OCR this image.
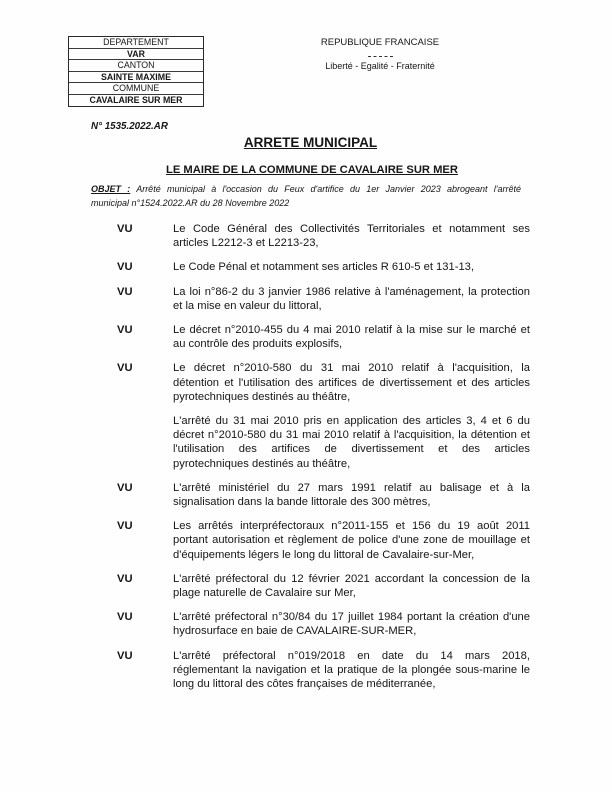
DEPARTEMENT
VAR
CANTON
SAINTE MAXIME
COMMUNE
CAVALAIRE SUR MER
REPUBLIQUE FRANCAISE
Liberté - Egalité - Fraternité
N° 1535.2022.AR
ARRETE MUNICIPAL
LE MAIRE DE LA COMMUNE DE CAVALAIRE SUR MER
OBJET : Arrêté municipal à l'occasion du Feux d'artifice du 1er Janvier 2023 abrogeant l'arrêté
municipal n°1524.2022.AR du 28 Novembre 2022
VU	Le Code Général des Collectivités Territoriales et notamment ses
articles L2212-3 et L2213-23,
VU	Le Code Pénal et notamment ses articles R 610-5 et 131-13,
VU	La loi n°86-2 du 3 janvier 1986 relative à l'aménagement, la protection
et la mise en valeur du littoral,
VU	Le décret n°2010-455 du 4 mai 2010 relatif à la mise sur le marché et
au contrôle des produits explosifs,
VU	Le décret n°2010-580 du 31 mai 2010 relatif à l'acquisition, la
détention et l'utilisation des artifices de divertissement et des articles
pyrotechniques destinés au théâtre,
L'arrêté du 31 mai 2010 pris en application des articles 3, 4 et 6 du
décret n°2010-580 du 31 mai 2010 relatif à l'acquisition, la détention et
l'utilisation des artifices de divertissement et des articles
pyrotechniques destinés au théâtre,
VU	L'arrêté ministériel du 27 mars 1991 relatif au balisage et à la
signalisation dans la bande littorale des 300 mètres,
VU	Les arrêtés interpréfectoraux n°2011-155 et 156 du 19 août 2011
portant autorisation et règlement de police d'une zone de mouillage et
d'équipements légers le long du littoral de Cavalaire-sur-Mer,
VU	L'arrêté préfectoral du 12 février 2021 accordant la concession de la
plage naturelle de Cavalaire sur Mer,
VU	L'arrêté préfectoral n°30/84 du 17 juillet 1984 portant la création d'une
hydrosurface en baie de CAVALAIRE-SUR-MER,
VU	L'arrêté préfectoral n°019/2018 en date du 14 mars 2018,
réglementant la navigation et la pratique de la plongée sous-marine le
long du littoral des côtes françaises de méditerranée,
